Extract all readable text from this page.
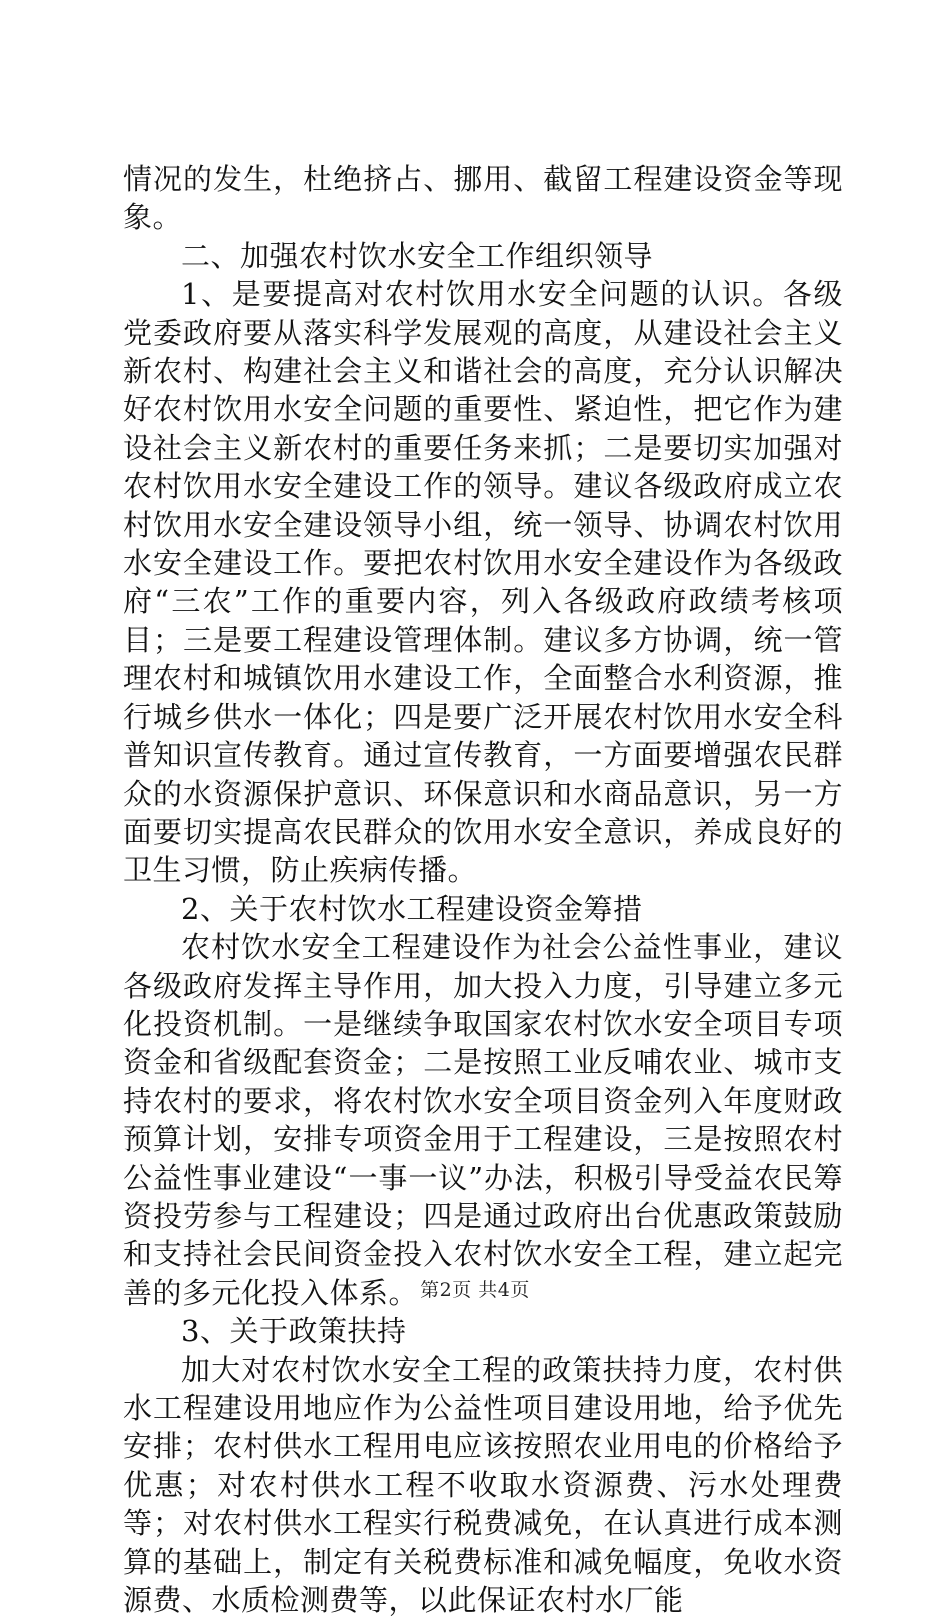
情况的发生，杜绝挤占、挪用、截留工程建设资金等现象。

二、加强农村饮水安全工作组织领导

1、是要提高对农村饮用水安全问题的认识。各级党委政府要从落实科学发展观的高度，从建设社会主义新农村、构建社会主义和谐社会的高度，充分认识解决好农村饮用水安全问题的重要性、紧迫性，把它作为建设社会主义新农村的重要任务来抓；二是要切实加强对农村饮用水安全建设工作的领导。建议各级政府成立农村饮用水安全建设领导小组，统一领导、协调农村饮用水安全建设工作。要把农村饮用水安全建设作为各级政府“三农”工作的重要内容，列入各级政府政绩考核项目；三是要工程建设管理体制。建议多方协调，统一管理农村和城镇饮用水建设工作，全面整合水利资源，推行城乡供水一体化；四是要广泛开展农村饮用水安全科普知识宣传教育。通过宣传教育，一方面要增强农民群众的水资源保护意识、环保意识和水商品意识，另一方面要切实提高农民群众的饮用水安全意识，养成良好的卫生习惯，防止疾病传播。

2、关于农村饮水工程建设资金筹措

农村饮水安全工程建设作为社会公益性事业，建议各级政府发挥主导作用，加大投入力度，引导建立多元化投资机制。一是继续争取国家农村饮水安全项目专项资金和省级配套资金；二是按照工业反哺农业、城市支持农村的要求，将农村饮水安全项目资金列入年度财政预算计划，安排专项资金用于工程建设，三是按照农村公益性事业建设“一事一议”办法，积极引导受益农民筹资投劳参与工程建设；四是通过政府出台优惠政策鼓励和支持社会民间资金投入农村饮水安全工程，建立起完善的多元化投入体系。

3、关于政策扶持

加大对农村饮水安全工程的政策扶持力度，农村供水工程建设用地应作为公益性项目建设用地，给予优先安排；农村供水工程用电应该按照农业用电的价格给予优惠；对农村供水工程不收取水资源费、污水处理费等；对农村供水工程实行税费减免，在认真进行成本测算的基础上，制定有关税费标准和减免幅度，免收水资源费、水质检测费等，以此保证农村水厂能

第2页 共4页
